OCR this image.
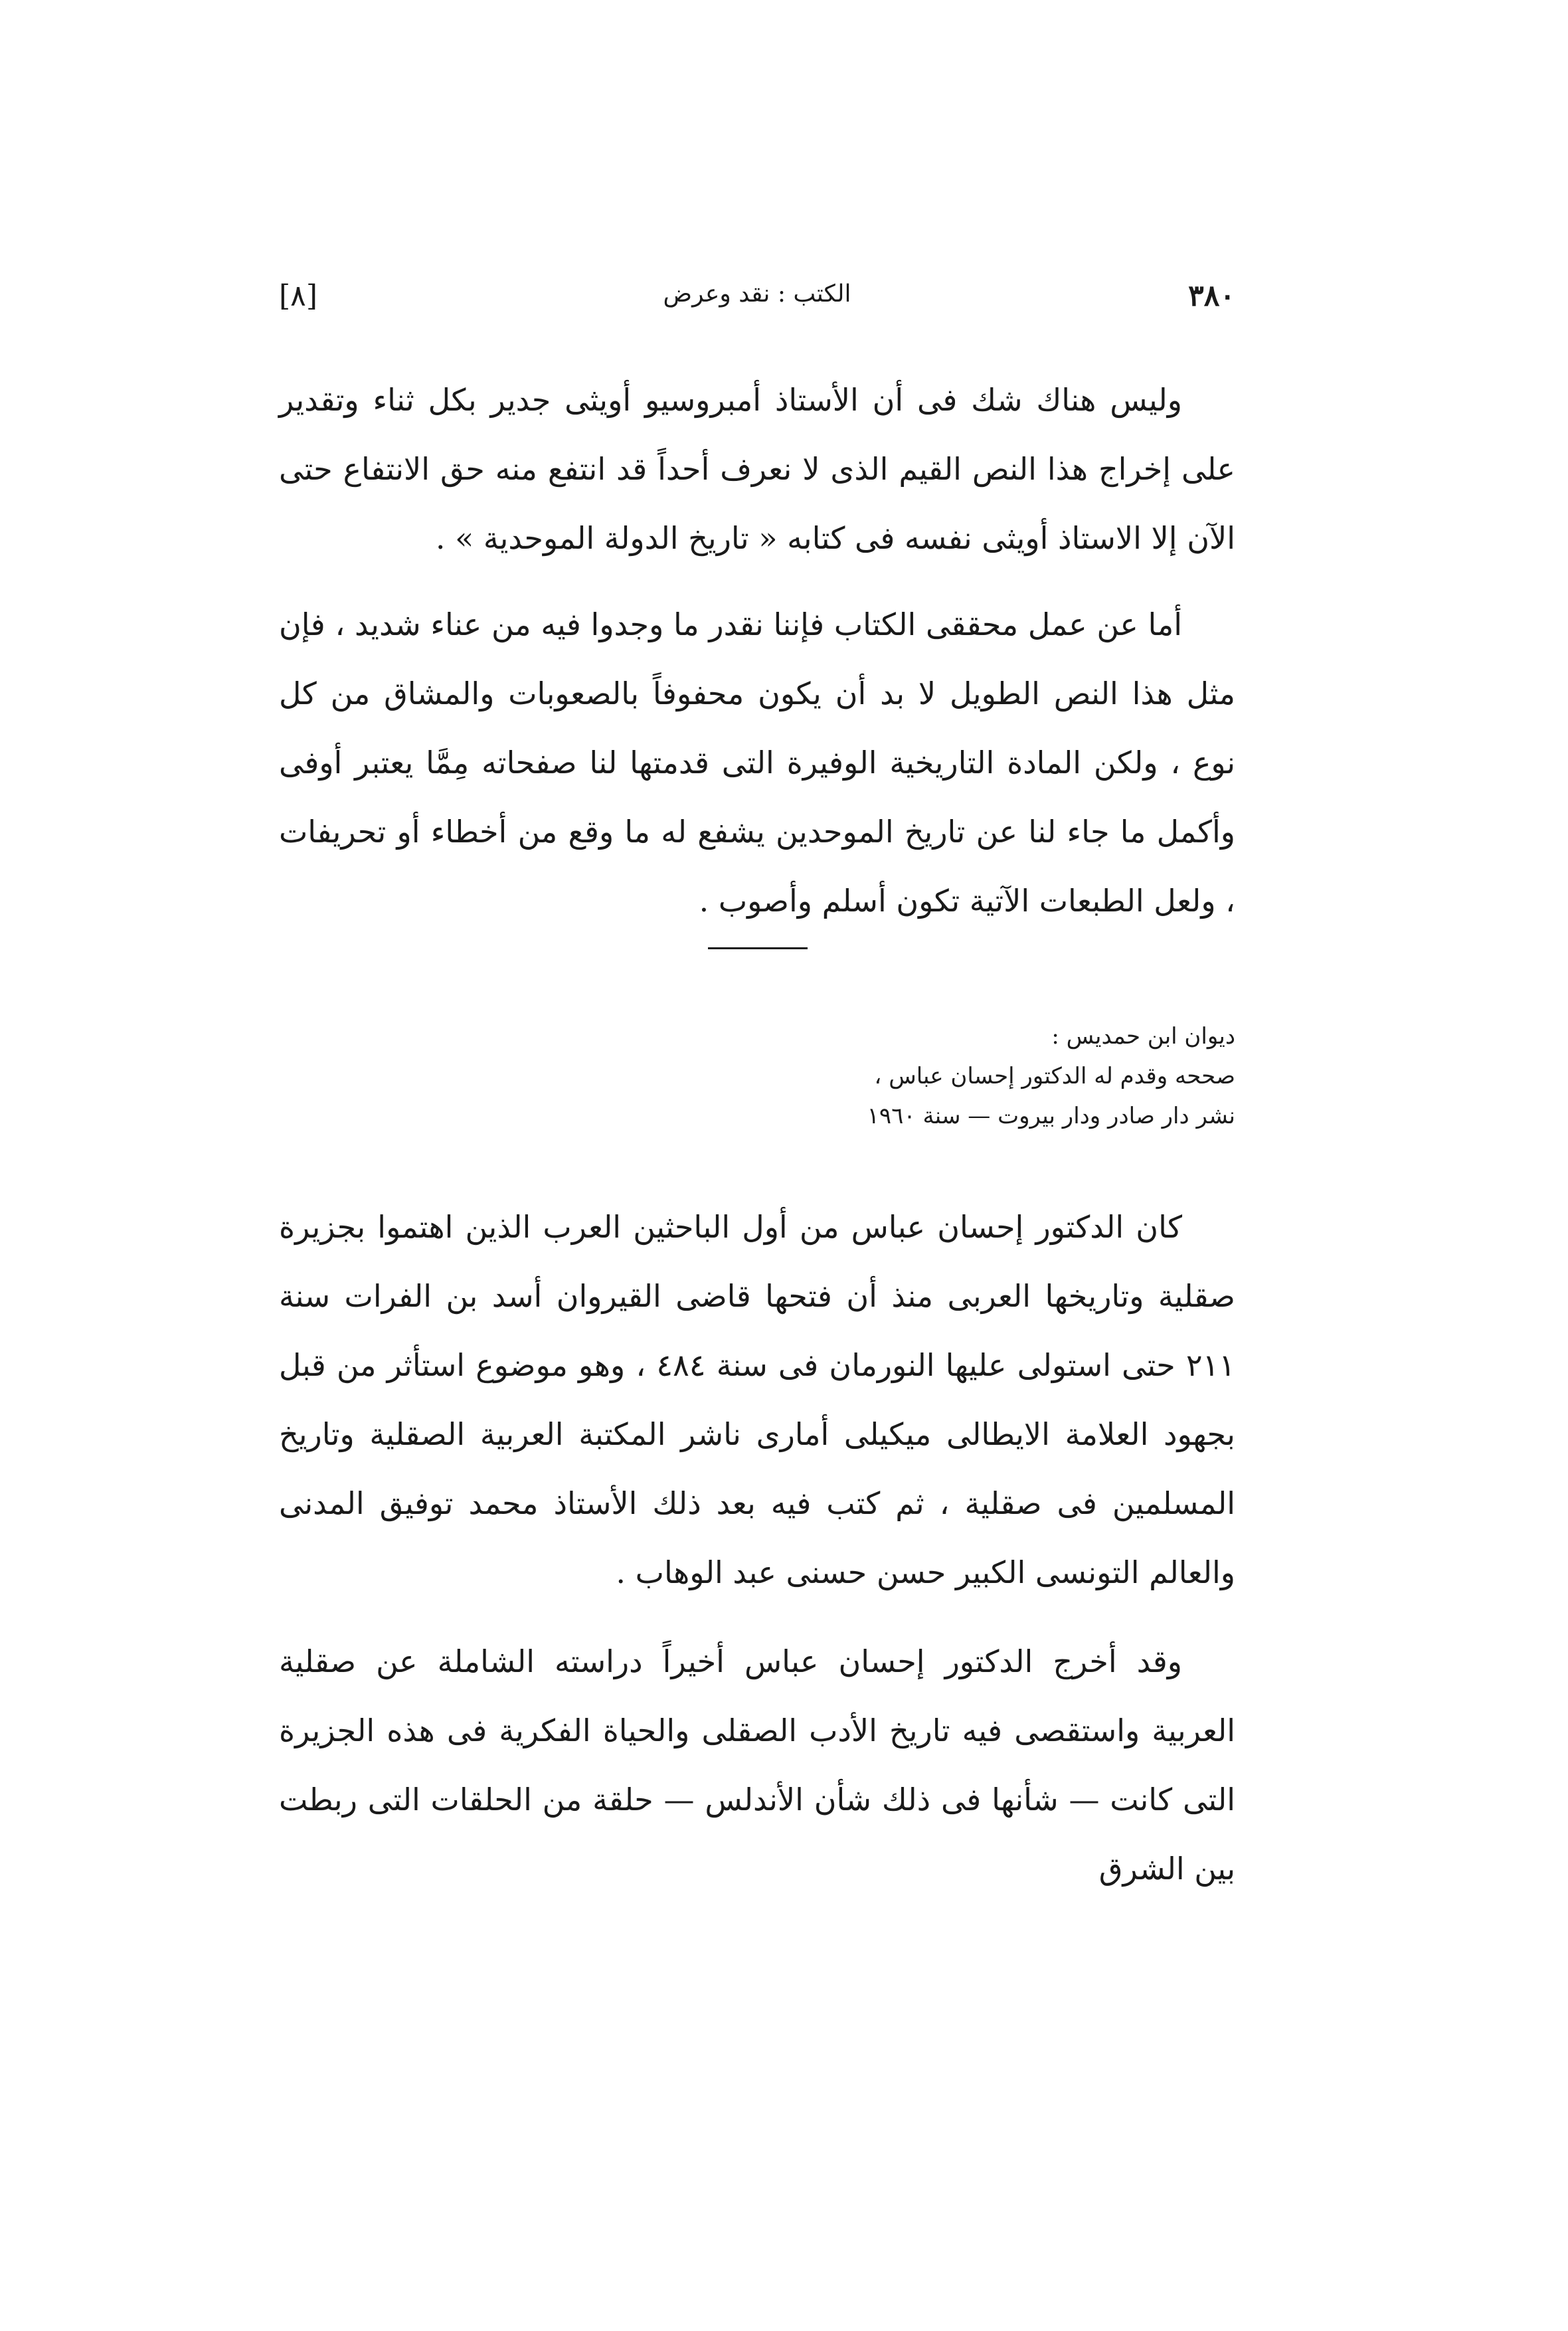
[٨]	الكتب : نقد وعرض	٣٨٠

وليس هناك شك فى أن الأستاذ أمبروسيو أويثى جدير بكل ثناء وتقدير على إخراج هذا النص القيم الذى لا نعرف أحداً قد انتفع منه حق الانتفاع حتى الآن إلا الاستاذ أويثى نفسه فى كتابه « تاريخ الدولة الموحدية » .

أما عن عمل محققى الكتاب فإننا نقدر ما وجدوا فيه من عناء شديد ، فإن مثل هذا النص الطويل لا بد أن يكون محفوفاً بالصعوبات والمشاق من كل نوع ، ولكن المادة التاريخية الوفيرة التى قدمتها لنا صفحاته مِمَّا يعتبر أوفى وأكمل ما جاء لنا عن تاريخ الموحدين يشفع له ما وقع من أخطاء أو تحريفات ، ولعل الطبعات الآتية تكون أسلم وأصوب .

ديوان ابن حمديس :
صححه وقدم له الدكتور إحسان عباس ،
نشر دار صادر ودار بيروت — سنة ١٩٦٠

كان الدكتور إحسان عباس من أول الباحثين العرب الذين اهتموا بجزيرة صقلية وتاريخها العربى منذ أن فتحها قاضى القيروان أسد بن الفرات سنة ٢١١ حتى استولى عليها النورمان فى سنة ٤٨٤ ، وهو موضوع استأثر من قبل بجهود العلامة الايطالى ميكيلى أمارى ناشر المكتبة العربية الصقلية وتاريخ المسلمين فى صقلية ، ثم كتب فيه بعد ذلك الأستاذ محمد توفيق المدنى والعالم التونسى الكبير حسن حسنى عبد الوهاب .

وقد أخرج الدكتور إحسان عباس أخيراً دراسته الشاملة عن صقلية العربية واستقصى فيه تاريخ الأدب الصقلى والحياة الفكرية فى هذه الجزيرة التى كانت — شأنها فى ذلك شأن الأندلس — حلقة من الحلقات التى ربطت بين الشرق
